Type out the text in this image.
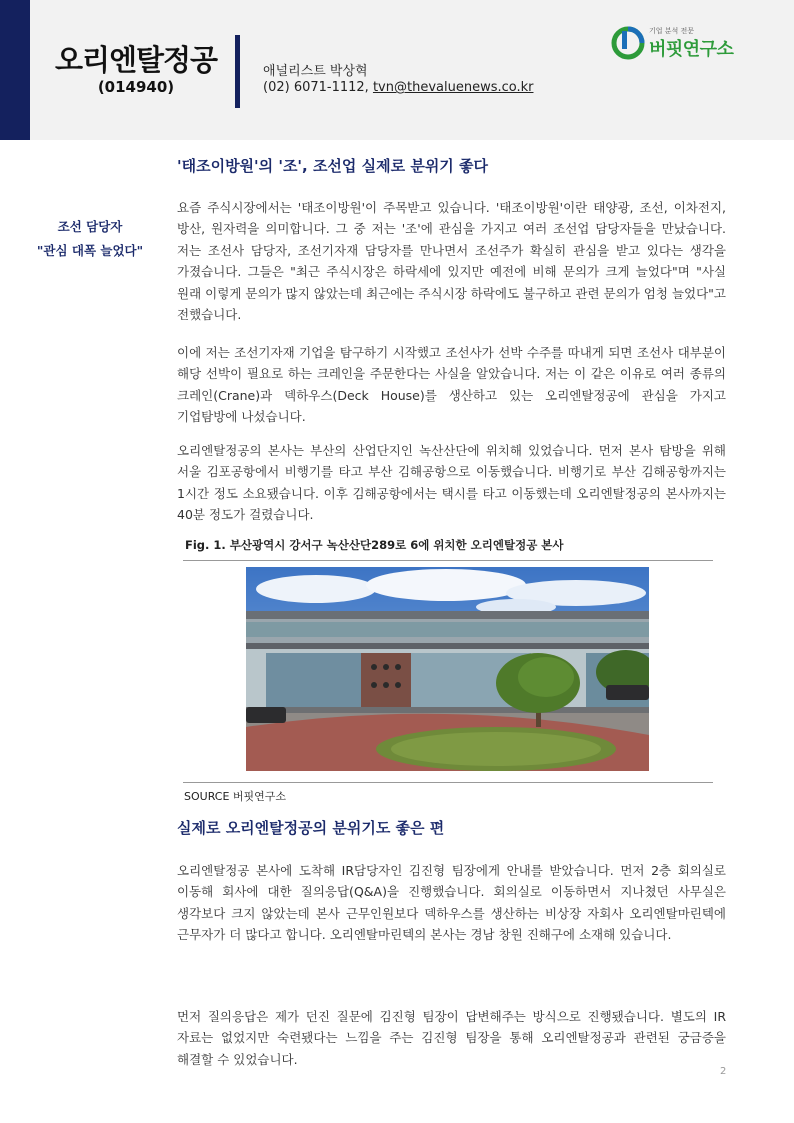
오리엔탈정공
(014940)
애널리스트 박상혁
(02) 6071-1112, tvn@thevaluenews.co.kr
기업 분석 전문
버핏연구소
'태조이방원'의 '조', 조선업 실제로 분위기 좋다
조선 담당자
"관심 대폭 늘었다"

요즘 주식시장에서는 '태조이방원'이 주목받고 있습니다. '태조이방원'이란 태양광, 조선, 이차전지, 방산, 원자력을 의미합니다. 그 중 저는 '조'에 관심을 가지고 여러 조선업 담당자들을 만났습니다. 저는 조선사 담당자, 조선기자재 담당자를 만나면서 조선주가 확실히 관심을 받고 있다는 생각을 가졌습니다. 그들은 "최근 주식시장은 하락세에 있지만 예전에 비해 문의가 크게 늘었다"며 "사실 원래 이렇게 문의가 많지 않았는데 최근에는 주식시장 하락에도 불구하고 관련 문의가 엄청 늘었다"고 전했습니다.

이에 저는 조선기자재 기업을 탐구하기 시작했고 조선사가 선박 수주를 따내게 되면 조선사 대부분이 해당 선박이 필요로 하는 크레인을 주문한다는 사실을 알았습니다. 저는 이 같은 이유로 여러 종류의 크레인(Crane)과 덱하우스(Deck House)를 생산하고 있는 오리엔탈정공에 관심을 가지고 기업탐방에 나섰습니다.

오리엔탈정공의 본사는 부산의 산업단지인 녹산산단에 위치해 있었습니다. 먼저 본사 탐방을 위해 서울 김포공항에서 비행기를 타고 부산 김해공항으로 이동했습니다. 비행기로 부산 김해공항까지는 1시간 정도 소요됐습니다. 이후 김해공항에서는 택시를 타고 이동했는데 오리엔탈정공의 본사까지는 40분 정도가 걸렸습니다.

Fig. 1. 부산광역시 강서구 녹산산단289로 6에 위치한 오리엔탈정공 본사
SOURCE 버핏연구소
실제로 오리엔탈정공의 분위기도 좋은 편

오리엔탈정공 본사에 도착해 IR담당자인 김진형 팀장에게 안내를 받았습니다. 먼저 2층 회의실로 이동해 회사에 대한 질의응답(Q&A)을 진행했습니다. 회의실로 이동하면서 지나쳤던 사무실은 생각보다 크지 않았는데 본사 근무인원보다 덱하우스를 생산하는 비상장 자회사 오리엔탈마린텍에 근무자가 더 많다고 합니다. 오리엔탈마린텍의 본사는 경남 창원 진해구에 소재해 있습니다.

먼저 질의응답은 제가 던진 질문에 김진형 팀장이 답변해주는 방식으로 진행됐습니다. 별도의 IR 자료는 없었지만 숙련됐다는 느낌을 주는 김진형 팀장을 통해 오리엔탈정공과 관련된 궁금증을 해결할 수 있었습니다.

2
